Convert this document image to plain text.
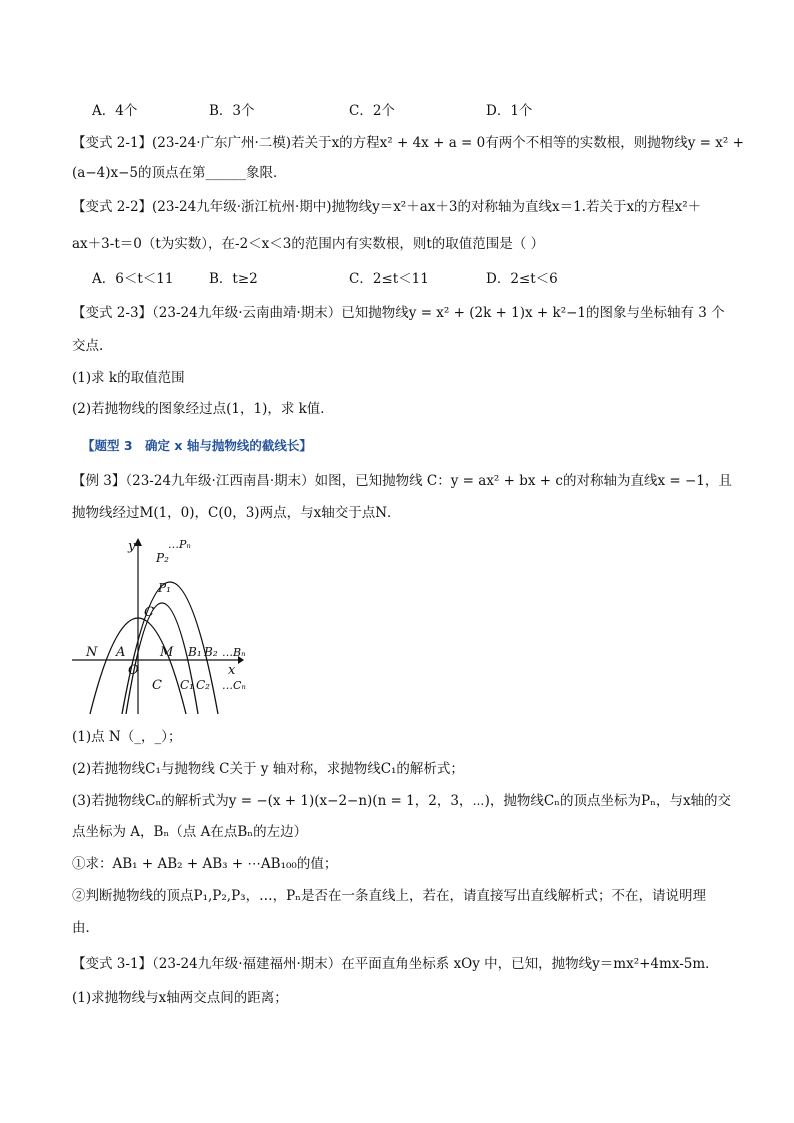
A．4个	B．3个	C．2个	D．1个
【变式 2-1】(23-24·广东广州·二模)若关于x的方程x² + 4x + a = 0有两个不相等的实数根，则抛物线y = x² +
(a−4)x−5的顶点在第______象限．
【变式 2-2】(23-24九年级·浙江杭州·期中)抛物线y＝x²＋ax＋3的对称轴为直线x＝1.若关于x的方程x²＋
ax＋3-t＝0（t为实数），在-2＜x＜3的范围内有实数根，则t的取值范围是（ ）
A．6＜t＜11	B．t≥2	C．2≤t＜11	D．2≤t＜6
【变式 2-3】（23-24九年级·云南曲靖·期末）已知抛物线y = x² + (2k + 1)x + k²−1的图象与坐标轴有 3 个
交点.
(1)求 k的取值范围
(2)若抛物线的图象经过点(1，1)，求 k值．
【题型 3　确定 x 轴与抛物线的截线长】
【例 3】（23-24九年级·江西南昌·期末）如图，已知抛物线 C：y = ax² + bx + c的对称轴为直线x = −1，且
抛物线经过M(1，0)，C(0，3)两点，与x轴交于点N．
y
x
O
N A	M B₁ B₂ …Bₙ
P₁
P₂
…Pₙ
C
C C₁ C₂ …Cₙ
(1)点 N（_，_）；
(2)若抛物线C₁与抛物线 C关于 y 轴对称，求抛物线C₁的解析式；
(3)若抛物线Cₙ的解析式为y = −(x + 1)(x−2−n)(n = 1，2，3，⋯)，抛物线Cₙ的顶点坐标为Pₙ，与x轴的交
点坐标为 A，Bₙ（点 A在点Bₙ的左边）
①求：AB₁ + AB₂ + AB₃ + ⋯AB₁₀₀的值；
②判断抛物线的顶点P₁,P₂,P₃，…，Pₙ是否在一条直线上，若在，请直接写出直线解析式；不在，请说明理
由．
【变式 3-1】（23-24九年级·福建福州·期末）在平面直角坐标系 xOy 中，已知，抛物线y＝mx²+4mx-5m．
(1)求抛物线与x轴两交点间的距离；
